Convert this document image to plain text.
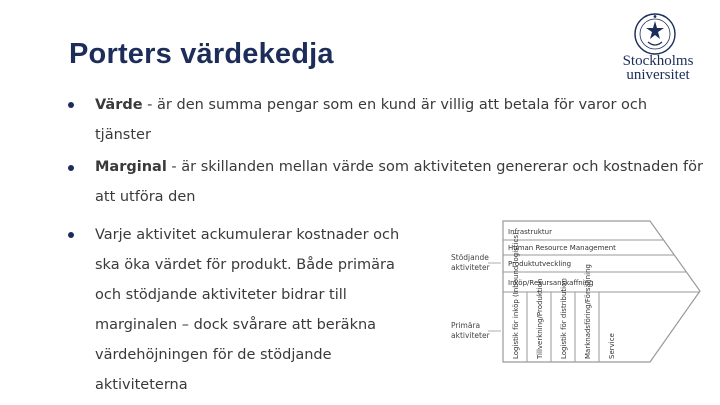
Porters värdekedja	Stockholms
universitet
Värde - är den summa pengar som en kund är villig att betala för varor och tjänster
Marginal - är skillanden mellan värde som aktiviteten genererar och kostnaden för att utföra den
Varje aktivitet ackumulerar kostnader och ska öka värdet för produkt. Både primära och stödjande aktiviteter bidrar till marginalen – dock svårare att beräkna värdehöjningen för de stödjande aktiviteterna
Infrastruktur
Human Resource Management
Produktutveckling
Inköp/Resursanskaffning
Stödjande
aktiviteter
Primära
aktiviteter	Logistik för inköp (Inbound logistics) Tillverkning/Produktion Logistik för distribution Marknadsföring/Försäljning Service
